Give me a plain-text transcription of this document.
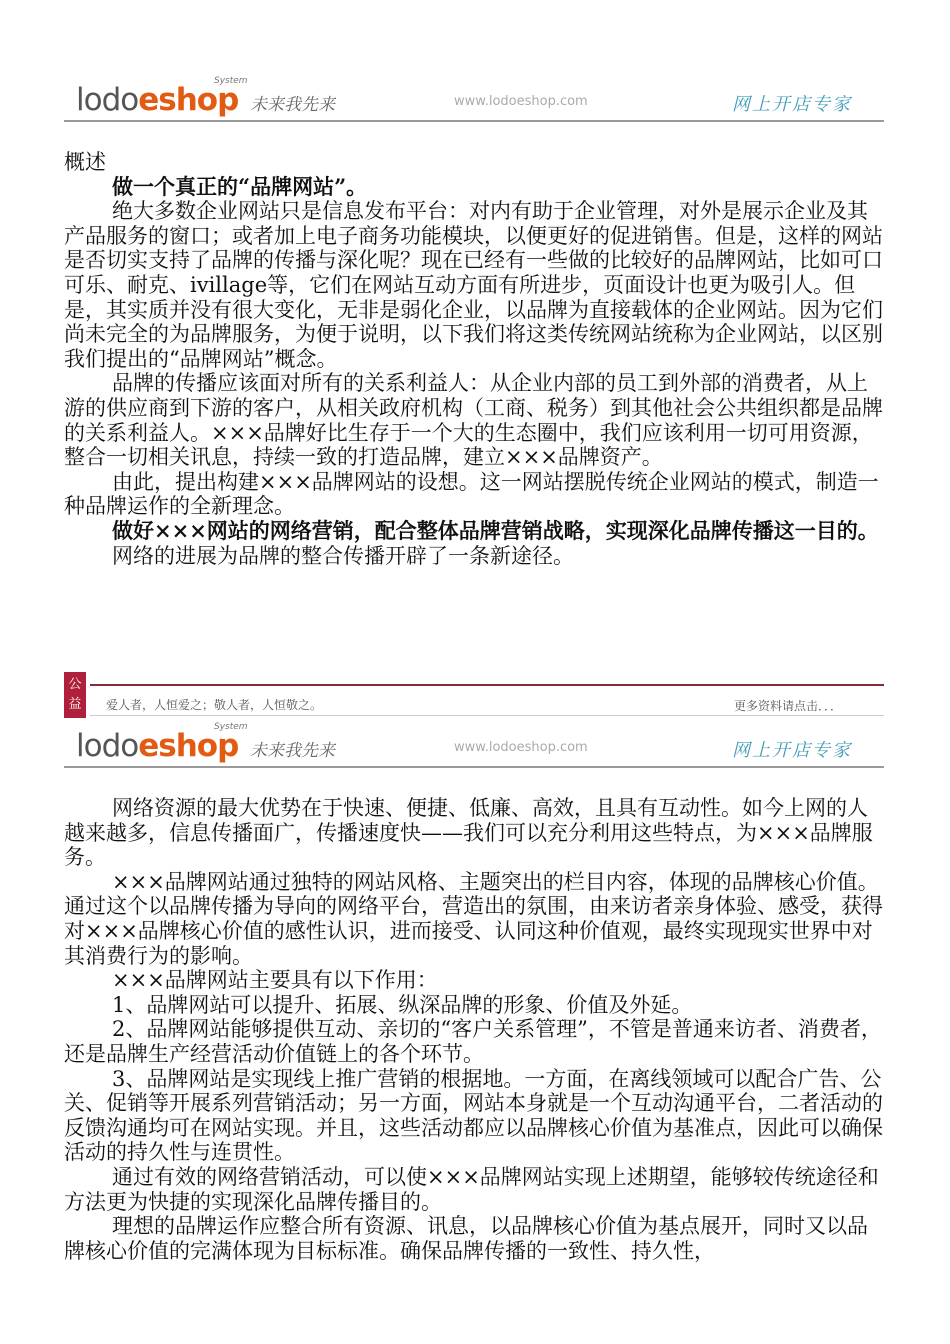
lodoeshop
System
未来我先来	www.lodoeshop.com	网上开店专家

概述

做一个真正的“品牌网站”。

绝大多数企业网站只是信息发布平台：对内有助于企业管理，对外是展示企业及其产品服务的窗口；或者加上电子商务功能模块，以便更好的促进销售。但是，这样的网站是否切实支持了品牌的传播与深化呢？现在已经有一些做的比较好的品牌网站，比如可口可乐、耐克、ivillage等，它们在网站互动方面有所进步，页面设计也更为吸引人。但是，其实质并没有很大变化，无非是弱化企业，以品牌为直接载体的企业网站。因为它们尚未完全的为品牌服务，为便于说明，以下我们将这类传统网站统称为企业网站，以区别我们提出的“品牌网站”概念。

品牌的传播应该面对所有的关系利益人：从企业内部的员工到外部的消费者，从上游的供应商到下游的客户，从相关政府机构（工商、税务）到其他社会公共组织都是品牌的关系利益人。×××品牌好比生存于一个大的生态圈中，我们应该利用一切可用资源，整合一切相关讯息，持续一致的打造品牌，建立×××品牌资产。

由此，提出构建×××品牌网站的设想。这一网站摆脱传统企业网站的模式，制造一种品牌运作的全新理念。

做好×××网站的网络营销，配合整体品牌营销战略，实现深化品牌传播这一目的。

网络的进展为品牌的整合传播开辟了一条新途径。

公益	爱人者，人恒爱之；敬人者，人恒敬之。	更多资料请点击．．．
lodoeshop
System
未来我先来	www.lodoeshop.com	网上开店专家

网络资源的最大优势在于快速、便捷、低廉、高效，且具有互动性。如今上网的人越来越多，信息传播面广，传播速度快——我们可以充分利用这些特点，为×××品牌服务。

×××品牌网站通过独特的网站风格、主题突出的栏目内容，体现的品牌核心价值。通过这个以品牌传播为导向的网络平台，营造出的氛围，由来访者亲身体验、感受，获得对×××品牌核心价值的感性认识，进而接受、认同这种价值观，最终实现现实世界中对其消费行为的影响。

×××品牌网站主要具有以下作用：

1、品牌网站可以提升、拓展、纵深品牌的形象、价值及外延。

2、品牌网站能够提供互动、亲切的“客户关系管理”，不管是普通来访者、消费者，还是品牌生产经营活动价值链上的各个环节。

3、品牌网站是实现线上推广营销的根据地。一方面，在离线领域可以配合广告、公关、促销等开展系列营销活动；另一方面，网站本身就是一个互动沟通平台，二者活动的反馈沟通均可在网站实现。并且，这些活动都应以品牌核心价值为基准点，因此可以确保活动的持久性与连贯性。

通过有效的网络营销活动，可以使×××品牌网站实现上述期望，能够较传统途径和方法更为快捷的实现深化品牌传播目的。

理想的品牌运作应整合所有资源、讯息，以品牌核心价值为基点展开，同时又以品牌核心价值的完满体现为目标标准。确保品牌传播的一致性、持久性，
